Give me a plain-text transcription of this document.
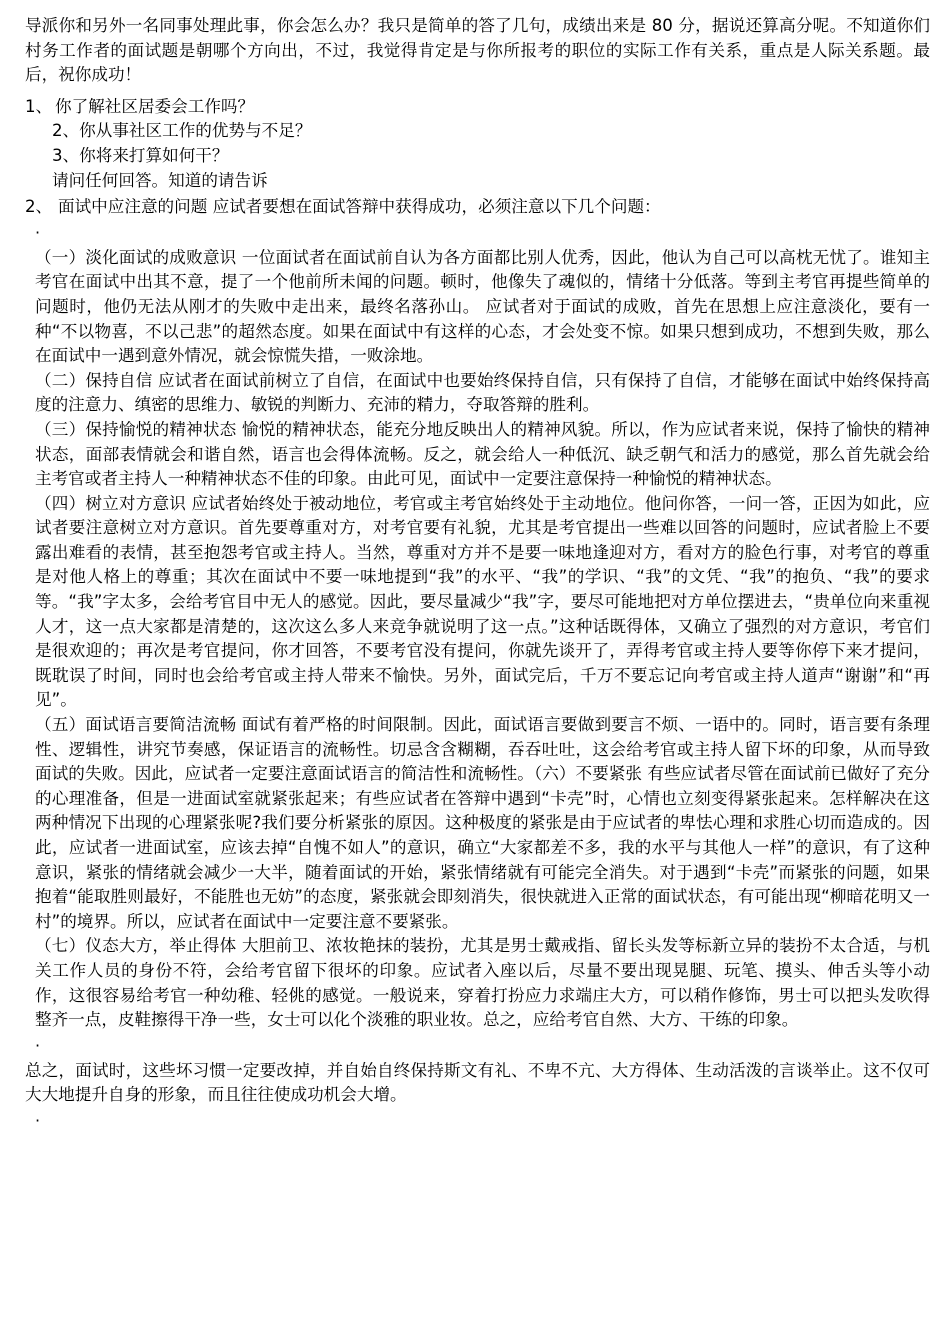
导派你和另外一名同事处理此事，你会怎么办？我只是简单的答了几句，成绩出来是 80 分，据说还算高分呢。不知道你们村务工作者的面试题是朝哪个方向出，不过，我觉得肯定是与你所报考的职位的实际工作有关系，重点是人际关系题。最后，祝你成功！

1、 你了解社区居委会工作吗？
2、你从事社区工作的优势与不足？
3、你将来打算如何干？
请问任何回答。知道的请告诉
2、 面试中应注意的问题 应试者要想在面试答辩中获得成功，必须注意以下几个问题：
·

（一）淡化面试的成败意识 一位面试者在面试前自认为各方面都比别人优秀，因此，他认为自己可以高枕无忧了。谁知主考官在面试中出其不意，提了一个他前所未闻的问题。顿时，他像失了魂似的，情绪十分低落。等到主考官再提些简单的问题时，他仍无法从刚才的失败中走出来，最终名落孙山。 应试者对于面试的成败，首先在思想上应注意淡化，要有一种“不以物喜，不以己悲”的超然态度。如果在面试中有这样的心态，才会处变不惊。如果只想到成功，不想到失败，那么在面试中一遇到意外情况，就会惊慌失措，一败涂地。

（二）保持自信 应试者在面试前树立了自信，在面试中也要始终保持自信，只有保持了自信，才能够在面试中始终保持高度的注意力、缜密的思维力、敏锐的判断力、充沛的精力，夺取答辩的胜利。

（三）保持愉悦的精神状态 愉悦的精神状态，能充分地反映出人的精神风貌。所以，作为应试者来说，保持了愉快的精神状态，面部表情就会和谐自然，语言也会得体流畅。反之，就会给人一种低沉、缺乏朝气和活力的感觉，那么首先就会给主考官或者主持人一种精神状态不佳的印象。由此可见，面试中一定要注意保持一种愉悦的精神状态。

（四）树立对方意识 应试者始终处于被动地位，考官或主考官始终处于主动地位。他问你答，一问一答，正因为如此，应试者要注意树立对方意识。首先要尊重对方，对考官要有礼貌，尤其是考官提出一些难以回答的问题时，应试者脸上不要露出难看的表情，甚至抱怨考官或主持人。当然，尊重对方并不是要一味地逢迎对方，看对方的脸色行事，对考官的尊重是对他人格上的尊重；其次在面试中不要一味地提到“我”的水平、“我”的学识、“我”的文凭、“我”的抱负、“我”的要求等。“我”字太多，会给考官目中无人的感觉。因此，要尽量减少“我”字，要尽可能地把对方单位摆进去，“贵单位向来重视人才，这一点大家都是清楚的，这次这么多人来竞争就说明了这一点。”这种话既得体，又确立了强烈的对方意识，考官们是很欢迎的；再次是考官提问，你才回答，不要考官没有提问，你就先谈开了，弄得考官或主持人要等你停下来才提问，既耽误了时间，同时也会给考官或主持人带来不愉快。另外，面试完后，千万不要忘记向考官或主持人道声“谢谢”和“再见”。

（五）面试语言要简洁流畅 面试有着严格的时间限制。因此，面试语言要做到要言不烦、一语中的。同时，语言要有条理性、逻辑性，讲究节奏感，保证语言的流畅性。切忌含含糊糊，吞吞吐吐，这会给考官或主持人留下坏的印象，从而导致面试的失败。因此，应试者一定要注意面试语言的简洁性和流畅性。（六）不要紧张 有些应试者尽管在面试前已做好了充分的心理准备，但是一进面试室就紧张起来；有些应试者在答辩中遇到“卡壳”时，心情也立刻变得紧张起来。怎样解决在这两种情况下出现的心理紧张呢?我们要分析紧张的原因。这种极度的紧张是由于应试者的卑怯心理和求胜心切而造成的。因此，应试者一进面试室，应该去掉“自愧不如人”的意识，确立“大家都差不多，我的水平与其他人一样”的意识，有了这种意识，紧张的情绪就会减少一大半，随着面试的开始，紧张情绪就有可能完全消失。对于遇到“卡壳”而紧张的问题，如果抱着“能取胜则最好，不能胜也无妨”的态度，紧张就会即刻消失，很快就进入正常的面试状态，有可能出现“柳暗花明又一村”的境界。所以，应试者在面试中一定要注意不要紧张。

（七）仪态大方，举止得体 大胆前卫、浓妆艳抹的装扮，尤其是男士戴戒指、留长头发等标新立异的装扮不太合适，与机关工作人员的身份不符，会给考官留下很坏的印象。应试者入座以后，尽量不要出现晃腿、玩笔、摸头、伸舌头等小动作，这很容易给考官一种幼稚、轻佻的感觉。一般说来，穿着打扮应力求端庄大方，可以稍作修饰，男士可以把头发吹得整齐一点，皮鞋擦得干净一些，女士可以化个淡雅的职业妆。总之，应给考官自然、大方、干练的印象。

·

总之，面试时，这些坏习惯一定要改掉，并自始自终保持斯文有礼、不卑不亢、大方得体、生动活泼的言谈举止。这不仅可大大地提升自身的形象，而且往往使成功机会大增。

·
